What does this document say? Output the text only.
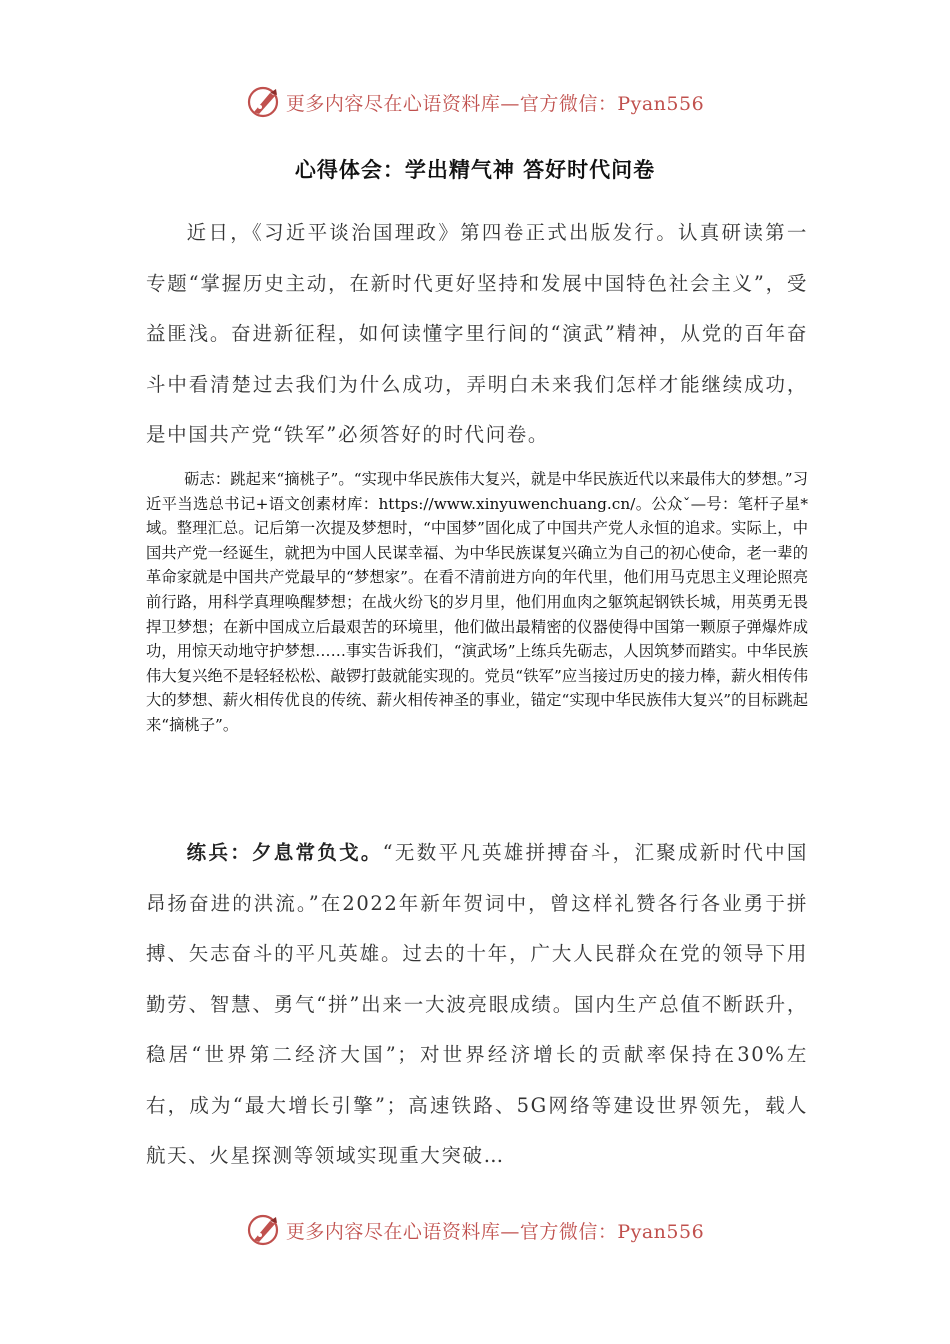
更多内容尽在心语资料库—官方微信：Pyan556
心得体会：学出精气神 答好时代问卷

近日，《习近平谈治国理政》第四卷正式出版发行。认真研读第一专题“掌握历史主动，在新时代更好坚持和发展中国特色社会主义”，受益匪浅。奋进新征程，如何读懂字里行间的“演武”精神，从党的百年奋斗中看清楚过去我们为什么成功，弄明白未来我们怎样才能继续成功，是中国共产党“铁军”必须答好的时代问卷。

砺志：跳起来“摘桃子”。“实现中华民族伟大复兴，就是中华民族近代以来最伟大的梦想。”习近平当选总书记+语文创素材库：https://www.xinyuwenchuang.cn/。公众ˇ—号：笔杆子星*域。整理汇总。记后第一次提及梦想时，“中国梦”固化成了中国共产党人永恒的追求。实际上，中国共产党一经诞生，就把为中国人民谋幸福、为中华民族谋复兴确立为自己的初心使命，老一辈的革命家就是中国共产党最早的“梦想家”。在看不清前进方向的年代里，他们用马克思主义理论照亮前行路，用科学真理唤醒梦想；在战火纷飞的岁月里，他们用血肉之躯筑起钢铁长城，用英勇无畏捍卫梦想；在新中国成立后最艰苦的环境里，他们做出最精密的仪器使得中国第一颗原子弹爆炸成功，用惊天动地守护梦想……事实告诉我们，“演武场”上练兵先砺志，人因筑梦而踏实。中华民族伟大复兴绝不是轻轻松松、敲锣打鼓就能实现的。党员“铁军”应当接过历史的接力棒，薪火相传伟大的梦想、薪火相传优良的传统、薪火相传神圣的事业，锚定“实现中华民族伟大复兴”的目标跳起来“摘桃子”。

练兵：夕息常负戈。“无数平凡英雄拼搏奋斗，汇聚成新时代中国昂扬奋进的洪流。”在2022年新年贺词中，曾这样礼赞各行各业勇于拼搏、矢志奋斗的平凡英雄。过去的十年，广大人民群众在党的领导下用勤劳、智慧、勇气“拼”出来一大波亮眼成绩。国内生产总值不断跃升，稳居“世界第二经济大国”；对世界经济增长的贡献率保持在30%左右，成为“最大增长引擎”；高速铁路、5G网络等建设世界领先，载人航天、火星探测等领域实现重大突破…

更多内容尽在心语资料库—官方微信：Pyan556
